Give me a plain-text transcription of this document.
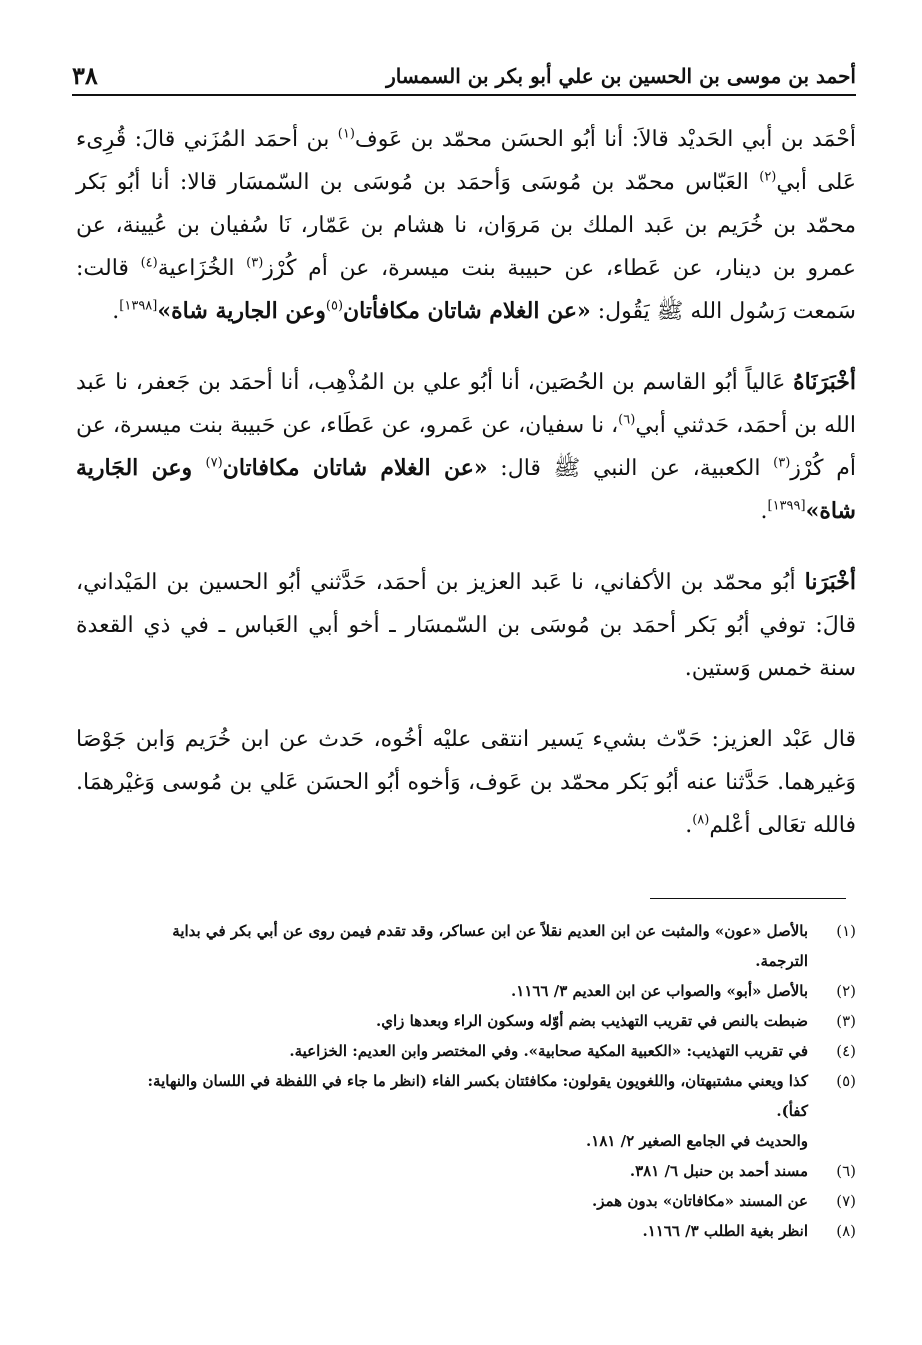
أحمد بن موسى بن الحسين بن علي أبو بكر بن السمسار
٣٨

أحْمَد بن أبي الحَديْد قالاَ: أنا أبُو الحسَن محمّد بن عَوف$^{(١)}$ بن أحمَد المُزَني قالَ: قُرِىء عَلى أبي$^{(٢)}$ العَبّاس محمّد بن مُوسَى وَأحمَد بن مُوسَى بن السّمسَار قالا: أنا أبُو بَكر محمّد بن خُرَيم بن عَبد الملك بن مَروَان، نا هشام بن عَمّار، نَا سُفيان بن عُيينة، عن عمرو بن دينار، عن عَطاء، عن حبيبة بنت ميسرة، عن أم كُرْز$^{(٣)}$ الخُزَاعية$^{(٤)}$ قالت: سَمعت رَسُول الله ﷺ يَقُول: «عن الغلام شاتان مكافأتان$^{(٥)}$وعن الجارية شاة»[١٣٩٨].

أخْبَرَنَاهُ عَالياً أبُو القاسم بن الحُصَين، أنا أبُو علي بن المُذْهِب، أنا أحمَد بن جَعفر، نا عَبد الله بن أحمَد، حَدثني أبي$^{(٦)}$، نا سفيان، عن عَمرو، عن عَطَاء، عن حَبيبة بنت ميسرة، عن أم كُرْز$^{(٣)}$ الكعبية، عن النبي ﷺ قال: «عن الغلام شاتان مكافاتان$^{(٧)}$ وعن الجَارية شاة»[١٣٩٩].

أخْبَرَنا أبُو محمّد بن الأكفاني، نا عَبد العزيز بن أحمَد، حَدَّثني أبُو الحسين بن المَيْداني، قالَ: توفي أبُو بَكر أحمَد بن مُوسَى بن السّمسَار ـ أخو أبي العَباس ـ في ذي القعدة سنة خمس وَستين.

قال عَبْد العزيز: حَدّث بشيء يَسير انتقى عليْه أخُوه، حَدث عن ابن خُرَيم وَابن جَوْصَا وَغيرهما. حَدَّثنا عنه أبُو بَكر محمّد بن عَوف، وَأخوه أبُو الحسَن عَلي بن مُوسى وَغيْرهمَا. فالله تعَالى أعْلم$^{(٨)}$.

(١)
بالأصل «عون» والمثبت عن ابن العديم نقلاً عن ابن عساكر، وقد تقدم فيمن روى عن أبي بكر في بداية
الترجمة.
(٢)
بالأصل «أبو» والصواب عن ابن العديم ٣/ ١١٦٦.
(٣)
ضبطت بالنص في تقريب التهذيب بضم أوّله وسكون الراء وبعدها زاي.
(٤)
في تقريب التهذيب: «الكعبية المكية صحابية». وفي المختصر وابن العديم: الخزاعية.
(٥)
كذا ويعني مشتبهتان، واللغويون يقولون: مكافئتان بكسر الفاء (انظر ما جاء في اللفظة في اللسان والنهاية:
كفأ).
والحديث في الجامع الصغير ٢/ ١٨١.
(٦)
مسند أحمد بن حنبل ٦/ ٣٨١.
(٧)
عن المسند «مكافاتان» بدون همز.
(٨)
انظر بغية الطلب ٣/ ١١٦٦.
